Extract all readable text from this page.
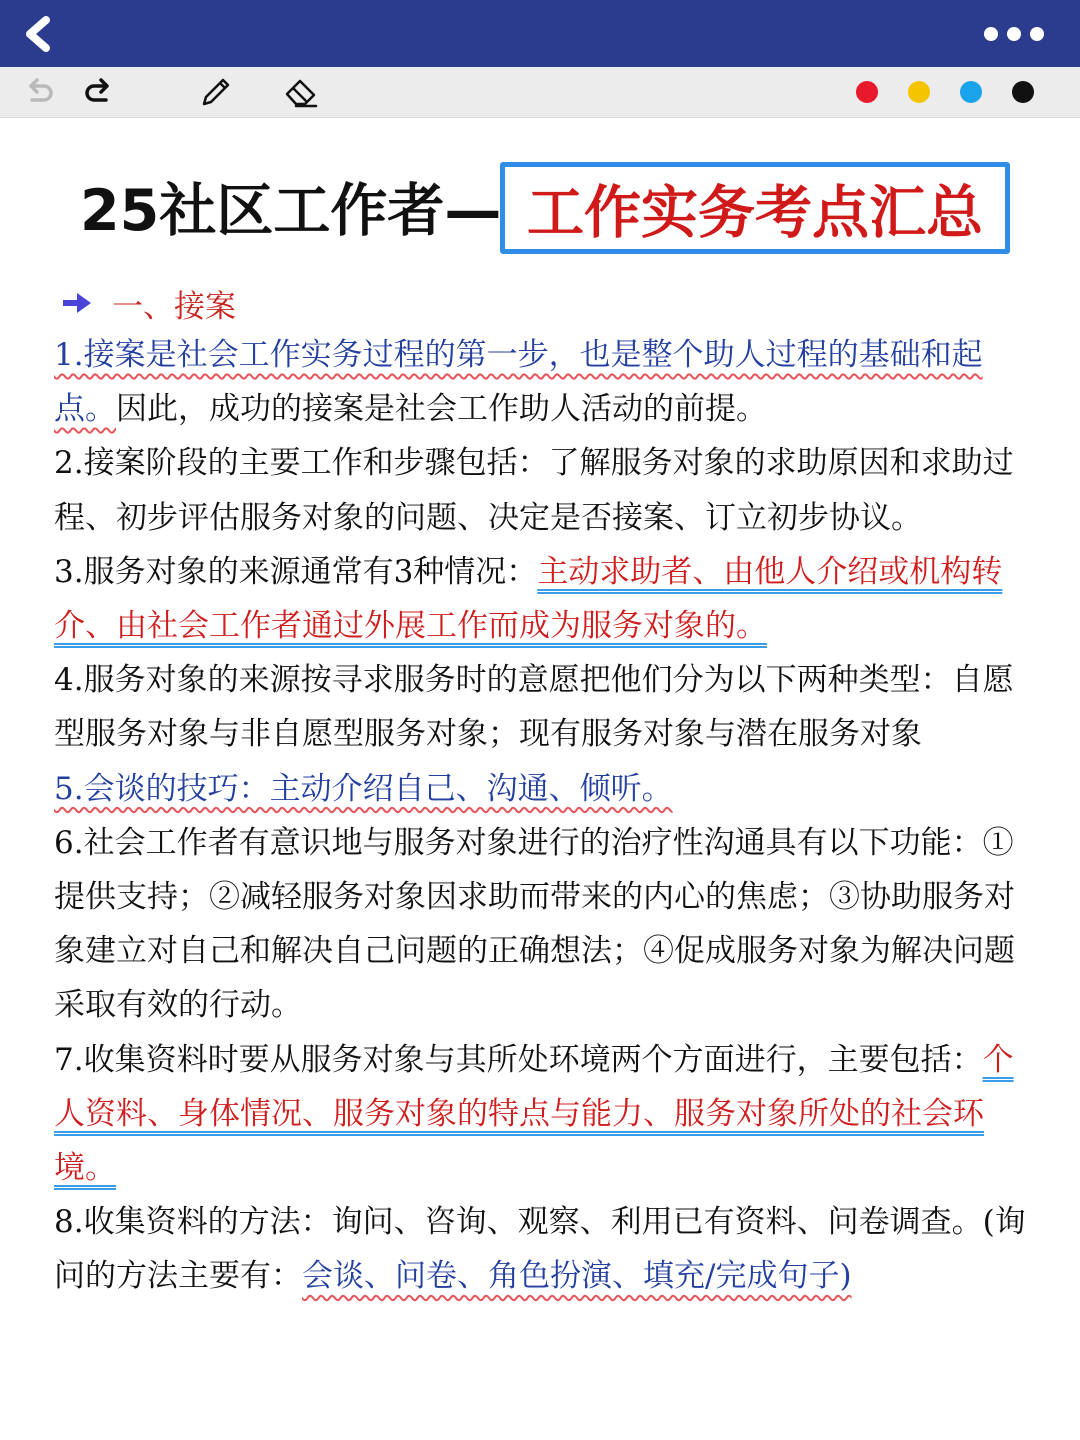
25社区工作者— 工作实务考点汇总
一、接案

1.接案是社会工作实务过程的第一步，也是整个助人过程的基础和起点。因此，成功的接案是社会工作助人活动的前提。

2.接案阶段的主要工作和步骤包括：了解服务对象的求助原因和求助过程、初步评估服务对象的问题、决定是否接案、订立初步协议。

3.服务对象的来源通常有3种情况：主动求助者、由他人介绍或机构转介、由社会工作者通过外展工作而成为服务对象的。

4.服务对象的来源按寻求服务时的意愿把他们分为以下两种类型：自愿型服务对象与非自愿型服务对象；现有服务对象与潜在服务对象

5.会谈的技巧：主动介绍自己、沟通、倾听。

6.社会工作者有意识地与服务对象进行的治疗性沟通具有以下功能：①提供支持；②减轻服务对象因求助而带来的内心的焦虑；③协助服务对象建立对自己和解决自己问题的正确想法；④促成服务对象为解决问题采取有效的行动。

7.收集资料时要从服务对象与其所处环境两个方面进行，主要包括：个人资料、身体情况、服务对象的特点与能力、服务对象所处的社会环境。

8.收集资料的方法：询问、咨询、观察、利用已有资料、问卷调查。(询问的方法主要有：会谈、问卷、角色扮演、填充/完成句子)
